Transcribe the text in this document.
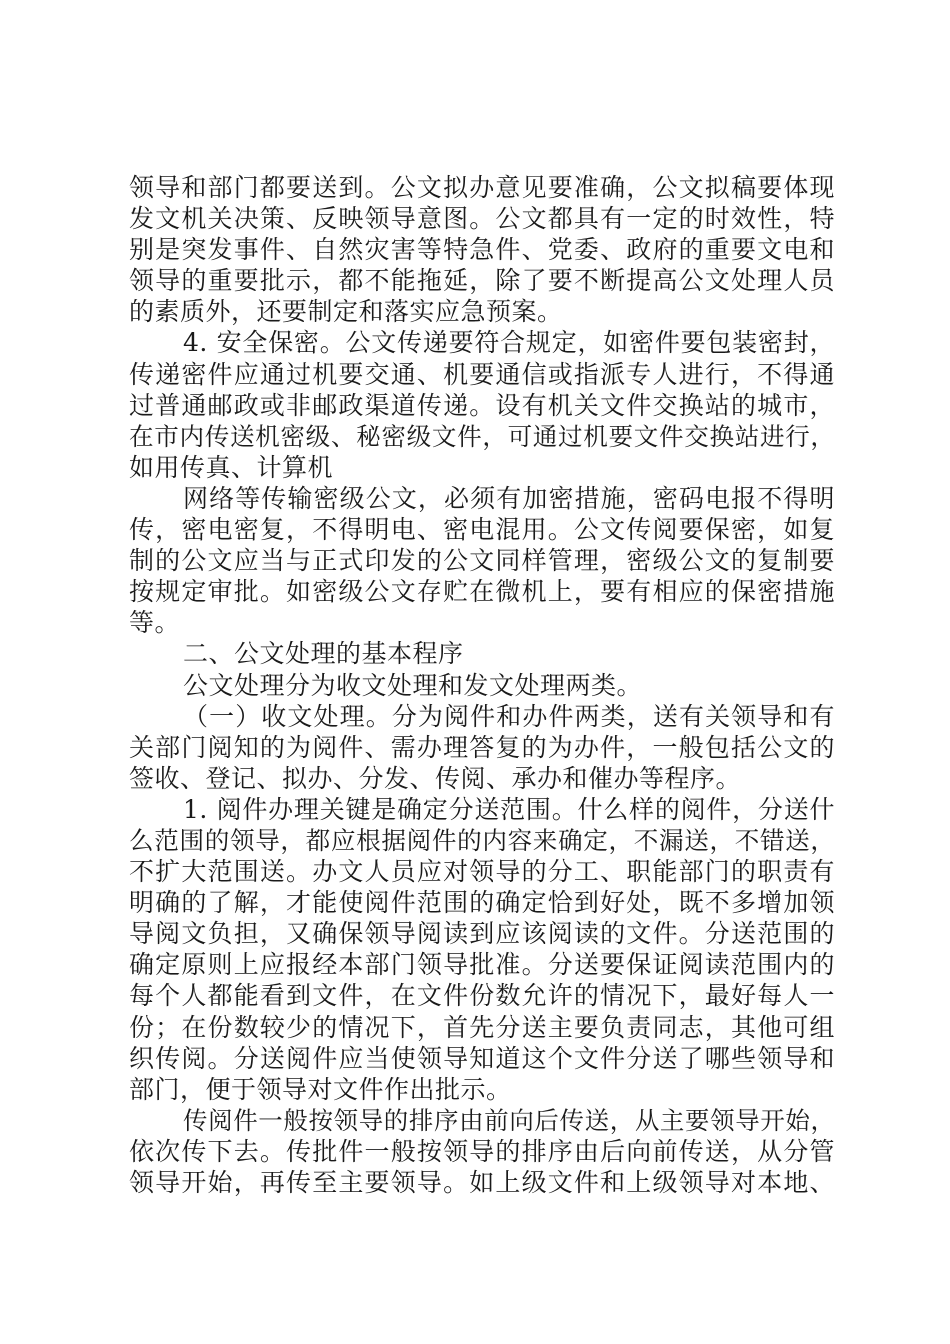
领导和部门都要送到。公文拟办意见要准确，公文拟稿要体现
发文机关决策、反映领导意图。公文都具有一定的时效性，特
别是突发事件、自然灾害等特急件、党委、政府的重要文电和
领导的重要批示，都不能拖延，除了要不断提高公文处理人员
的素质外，还要制定和落实应急预案。
4. 安全保密。公文传递要符合规定，如密件要包装密封，
传递密件应通过机要交通、机要通信或指派专人进行，不得通
过普通邮政或非邮政渠道传递。设有机关文件交换站的城市，
在市内传送机密级、秘密级文件，可通过机要文件交换站进行，
如用传真、计算机
网络等传输密级公文，必须有加密措施，密码电报不得明
传，密电密复，不得明电、密电混用。公文传阅要保密，如复
制的公文应当与正式印发的公文同样管理，密级公文的复制要
按规定审批。如密级公文存贮在微机上，要有相应的保密措施
等。
二、公文处理的基本程序
公文处理分为收文处理和发文处理两类。
（一）收文处理。分为阅件和办件两类，送有关领导和有
关部门阅知的为阅件、需办理答复的为办件，一般包括公文的
签收、登记、拟办、分发、传阅、承办和催办等程序。
1. 阅件办理关键是确定分送范围。什么样的阅件，分送什
么范围的领导，都应根据阅件的内容来确定，不漏送，不错送，
不扩大范围送。办文人员应对领导的分工、职能部门的职责有
明确的了解，才能使阅件范围的确定恰到好处，既不多增加领
导阅文负担，又确保领导阅读到应该阅读的文件。分送范围的
确定原则上应报经本部门领导批准。分送要保证阅读范围内的
每个人都能看到文件，在文件份数允许的情况下，最好每人一
份；在份数较少的情况下，首先分送主要负责同志，其他可组
织传阅。分送阅件应当使领导知道这个文件分送了哪些领导和
部门，便于领导对文件作出批示。
传阅件一般按领导的排序由前向后传送，从主要领导开始，
依次传下去。传批件一般按领导的排序由后向前传送，从分管
领导开始，再传至主要领导。如上级文件和上级领导对本地、
